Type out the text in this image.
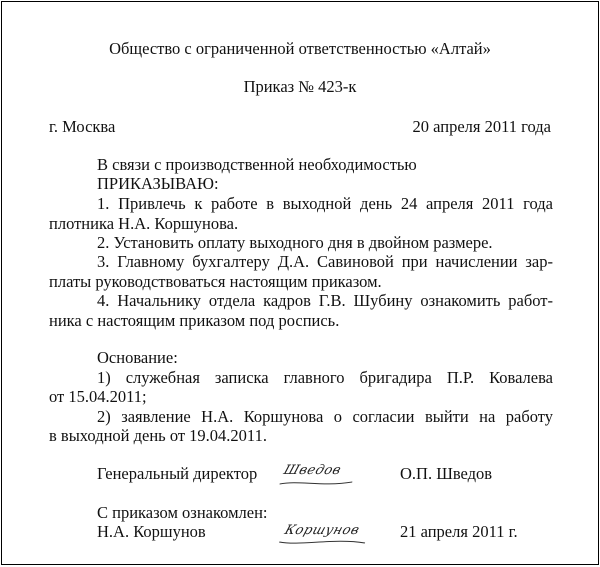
Общество с ограниченной ответственностью «Алтай»
Приказ № 423-к
г. Москва	20 апреля 2011 года
В связи с производственной необходимостью
ПРИКАЗЫВАЮ:
1. Привлечь к работе в выходной день 24 апреля 2011 года
плотника Н.А. Коршунова.
2. Установить оплату выходного дня в двойном размере.
3. Главному бухгалтеру Д.А. Савиновой при начислении зар-
платы руководствоваться настоящим приказом.
4. Начальнику отдела кадров Г.В. Шубину ознакомить работ-
ника с настоящим приказом под роспись.
Основание:
1) служебная записка главного бригадира П.Р. Ковалева
от 15.04.2011;
2) заявление Н.А. Коршунова о согласии выйти на работу
в выходной день от 19.04.2011.
Генеральный директор Шведов	О.П. Шведов
С приказом ознакомлен:
Н.А. Коршунов	Коршунов 21 апреля 2011 г.
